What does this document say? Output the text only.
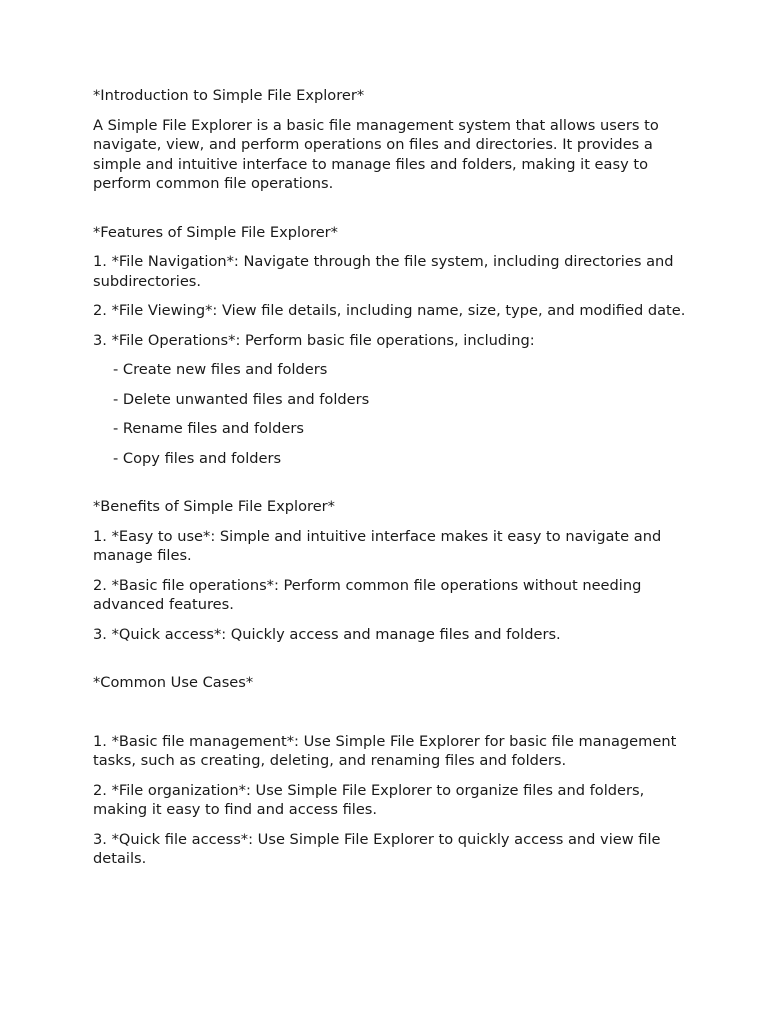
*Introduction to Simple File Explorer*

A Simple File Explorer is a basic file management system that allows users to navigate, view, and perform operations on files and directories. It provides a simple and intuitive interface to manage files and folders, making it easy to perform common file operations.

*Features of Simple File Explorer*

1. *File Navigation*: Navigate through the file system, including directories and subdirectories.

2. *File Viewing*: View file details, including name, size, type, and modified date.

3. *File Operations*: Perform basic file operations, including:

- Create new files and folders

- Delete unwanted files and folders

- Rename files and folders

- Copy files and folders

*Benefits of Simple File Explorer*

1. *Easy to use*: Simple and intuitive interface makes it easy to navigate and manage files.

2. *Basic file operations*: Perform common file operations without needing advanced features.

3. *Quick access*: Quickly access and manage files and folders.

*Common Use Cases*

1. *Basic file management*: Use Simple File Explorer for basic file management tasks, such as creating, deleting, and renaming files and folders.

2. *File organization*: Use Simple File Explorer to organize files and folders, making it easy to find and access files.

3. *Quick file access*: Use Simple File Explorer to quickly access and view file details.
